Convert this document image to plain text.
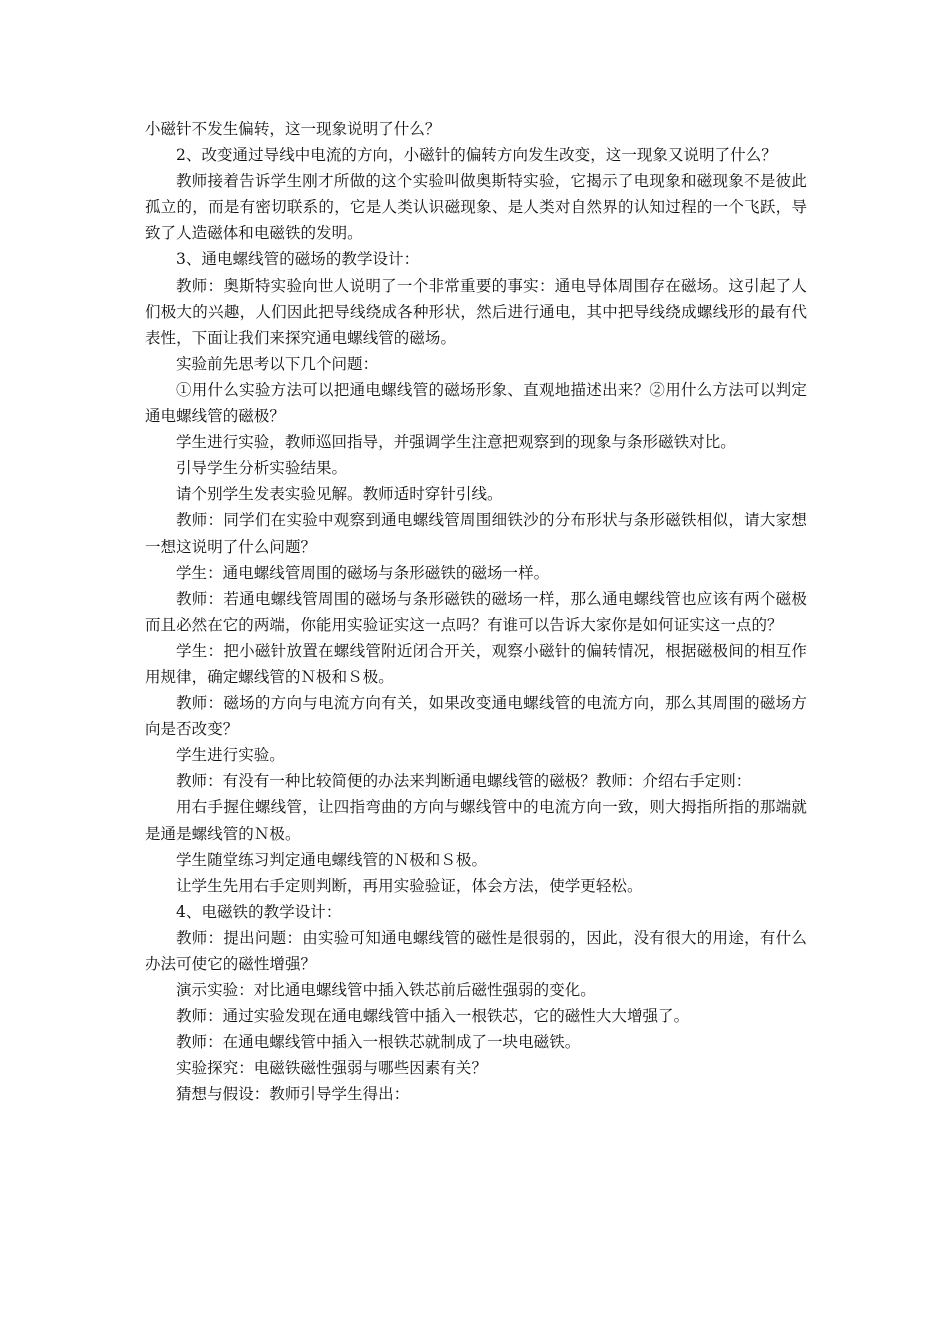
小磁针不发生偏转，这一现象说明了什么？

2、改变通过导线中电流的方向，小磁针的偏转方向发生改变，这一现象又说明了什么？

教师接着告诉学生刚才所做的这个实验叫做奥斯特实验，它揭示了电现象和磁现象不是彼此孤立的，而是有密切联系的，它是人类认识磁现象、是人类对自然界的认知过程的一个飞跃，导致了人造磁体和电磁铁的发明。

3、通电螺线管的磁场的教学设计：

教师：奥斯特实验向世人说明了一个非常重要的事实：通电导体周围存在磁场。这引起了人们极大的兴趣，人们因此把导线绕成各种形状，然后进行通电，其中把导线绕成螺线形的最有代表性，下面让我们来探究通电螺线管的磁场。

实验前先思考以下几个问题：

①用什么实验方法可以把通电螺线管的磁场形象、直观地描述出来？②用什么方法可以判定通电螺线管的磁极？

学生进行实验，教师巡回指导，并强调学生注意把观察到的现象与条形磁铁对比。

引导学生分析实验结果。

请个别学生发表实验见解。教师适时穿针引线。

教师：同学们在实验中观察到通电螺线管周围细铁沙的分布形状与条形磁铁相似，请大家想一想这说明了什么问题？

学生：通电螺线管周围的磁场与条形磁铁的磁场一样。

教师：若通电螺线管周围的磁场与条形磁铁的磁场一样，那么通电螺线管也应该有两个磁极而且必然在它的两端，你能用实验证实这一点吗？有谁可以告诉大家你是如何证实这一点的？

学生：把小磁针放置在螺线管附近闭合开关，观察小磁针的偏转情况，根据磁极间的相互作用规律，确定螺线管的Ｎ极和Ｓ极。

教师：磁场的方向与电流方向有关，如果改变通电螺线管的电流方向，那么其周围的磁场方向是否改变？

学生进行实验。

教师：有没有一种比较简便的办法来判断通电螺线管的磁极？教师：介绍右手定则：

用右手握住螺线管，让四指弯曲的方向与螺线管中的电流方向一致，则大拇指所指的那端就是通是螺线管的Ｎ极。

学生随堂练习判定通电螺线管的Ｎ极和Ｓ极。

让学生先用右手定则判断，再用实验验证，体会方法，使学更轻松。

4、电磁铁的教学设计：

教师：提出问题：由实验可知通电螺线管的磁性是很弱的，因此，没有很大的用途，有什么办法可使它的磁性增强？

演示实验：对比通电螺线管中插入铁芯前后磁性强弱的变化。

教师：通过实验发现在通电螺线管中插入一根铁芯，它的磁性大大增强了。

教师：在通电螺线管中插入一根铁芯就制成了一块电磁铁。

实验探究：电磁铁磁性强弱与哪些因素有关？

猜想与假设：教师引导学生得出：
